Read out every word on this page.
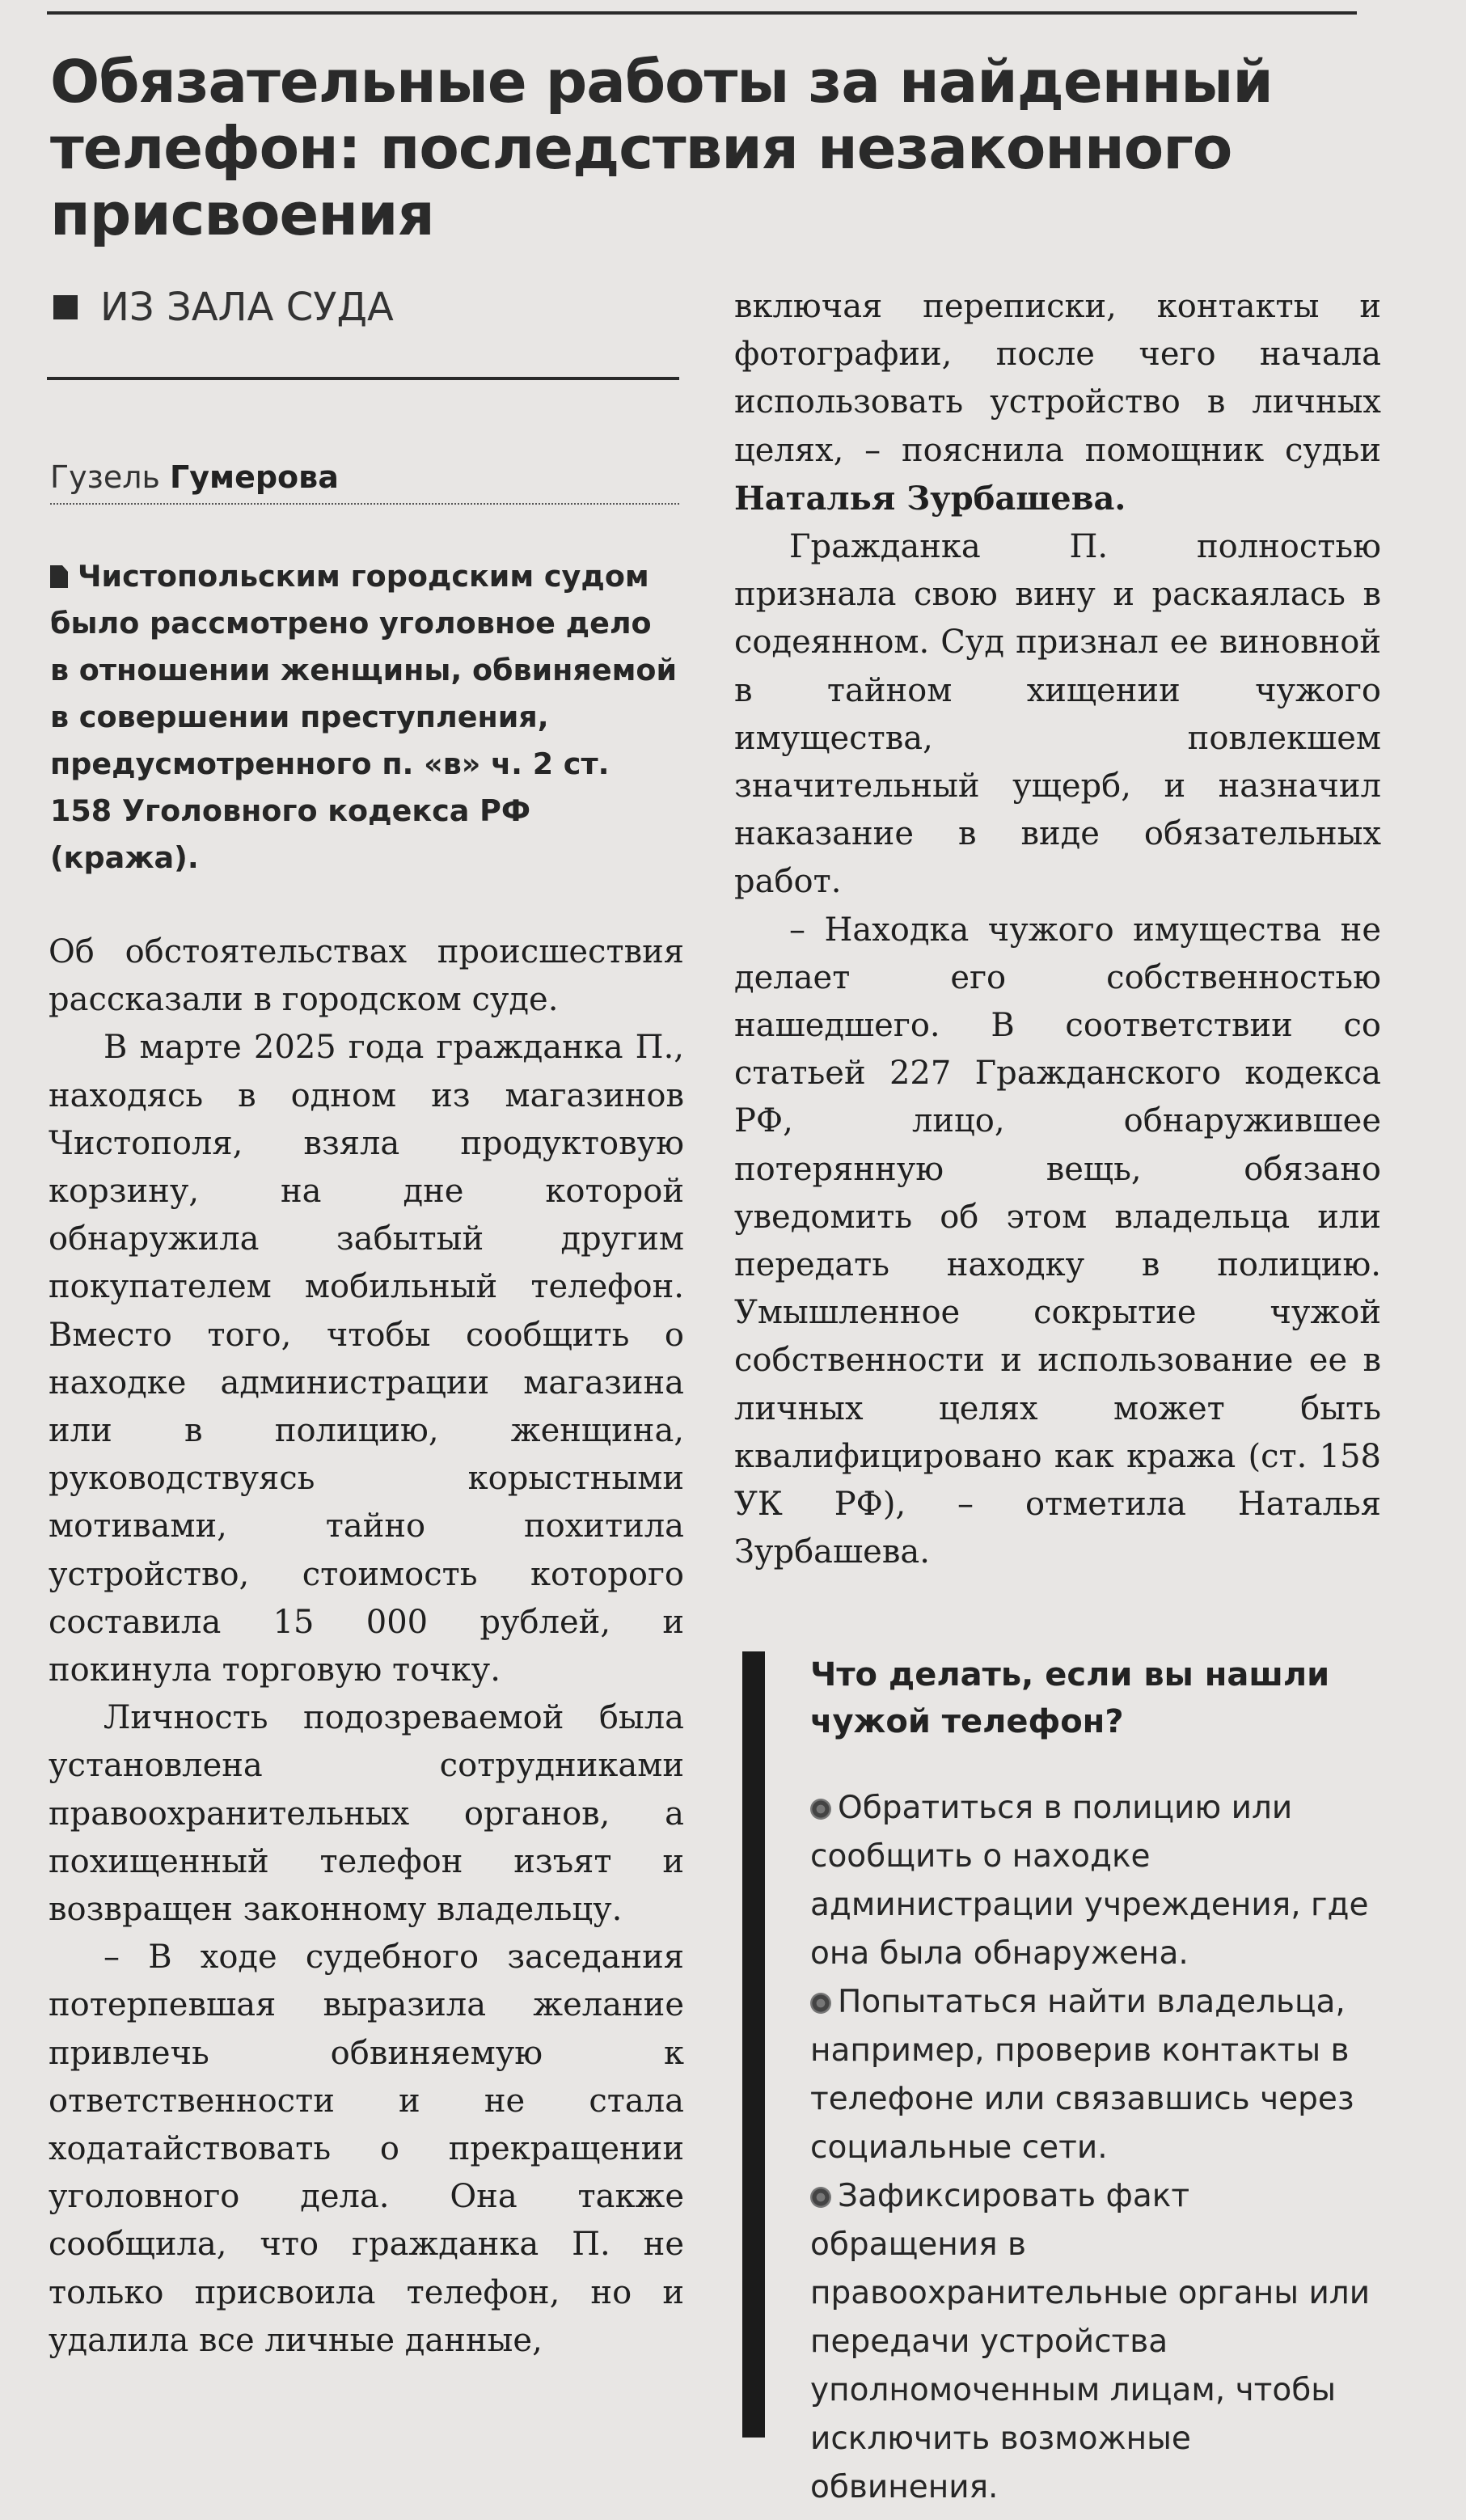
Обязательные работы за найденный телефон: последствия незаконного присвоения
ИЗ ЗАЛА СУДА
Гузель Гумерова

Чистопольским городским судом было рассмотрено уголовное дело в отношении женщины, обвиняемой в совершении преступления, предусмотренного п. «в» ч. 2 ст. 158 Уголовного кодекса РФ (кража).

Об обстоятельствах происшествия рассказали в городском суде.

В марте 2025 года гражданка П., находясь в одном из магазинов Чистополя, взяла продуктовую корзину, на дне которой обнаружила забытый другим покупателем мобильный телефон. Вместо того, чтобы сообщить о находке администрации магазина или в полицию, женщина, руководствуясь корыстными мотивами, тайно похитила устройство, стоимость которого составила 15 000 рублей, и покинула торговую точку.

Личность подозреваемой была установлена сотрудниками правоохранительных органов, а похищенный телефон изъят и возвращен законному владельцу.

– В ходе судебного заседания потерпевшая выразила желание привлечь обвиняемую к ответственности и не стала ходатайствовать о прекращении уголовного дела. Она также сообщила, что гражданка П. не только присвоила телефон, но и удалила все личные данные,

включая переписки, контакты и фотографии, после чего начала использовать устройство в личных целях, – пояснила помощник судьи Наталья Зурбашева.

Гражданка П. полностью признала свою вину и раскаялась в содеянном. Суд признал ее виновной в тайном хищении чужого имущества, повлекшем значительный ущерб, и назначил наказание в виде обязательных работ.

– Находка чужого имущества не делает его собственностью нашедшего. В соответствии со статьей 227 Гражданского кодекса РФ, лицо, обнаружившее потерянную вещь, обязано уведомить об этом владельца или передать находку в полицию. Умышленное сокрытие чужой собственности и использование ее в личных целях может быть квалифицировано как кража (ст. 158 УК РФ), – отметила Наталья Зурбашева.

Что делать, если вы нашли чужой телефон?

Обратиться в полицию или сообщить о находке администрации учреждения, где она была обнаружена.

Попытаться найти владельца, например, проверив контакты в телефоне или связавшись через социальные сети.

Зафиксировать факт обращения в правоохранительные органы или передачи устройства уполномоченным лицам, чтобы исключить возможные обвинения.
